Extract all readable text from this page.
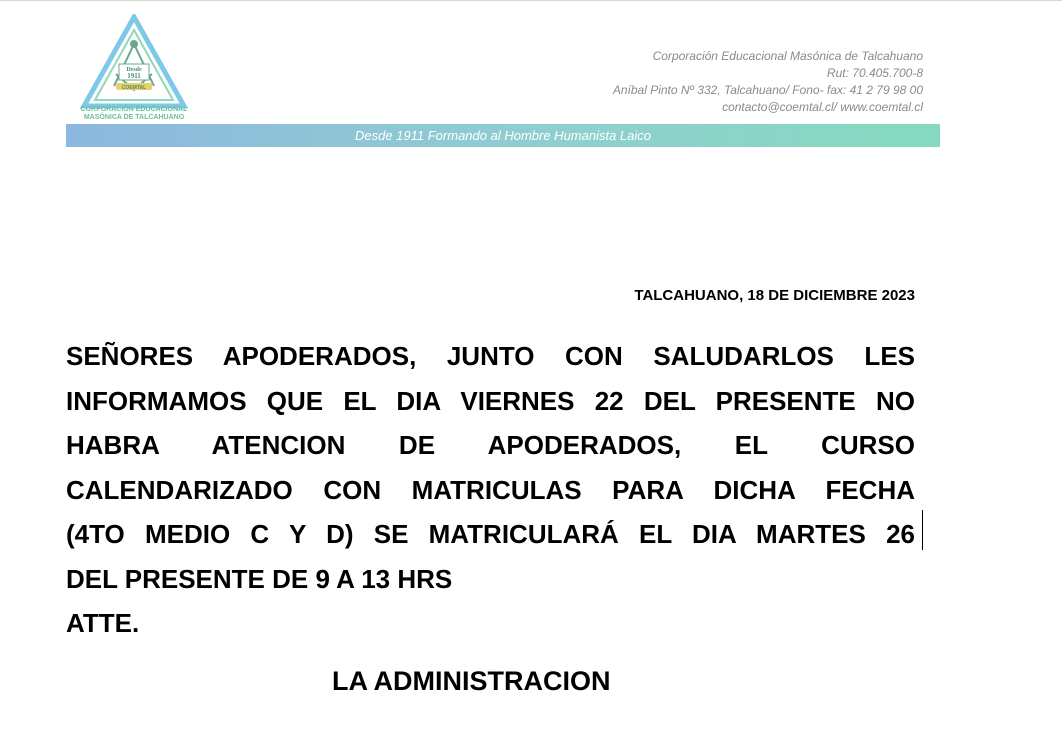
Desde
1911
COEMTAL
CORPORACIÓN EDUCACIONAL
MASÓNICA DE TALCAHUANO
Corporación Educacional Masónica de Talcahuano
Rut: 70.405.700-8
Aníbal Pinto Nº 332, Talcahuano/ Fono- fax: 41 2 79 98 00
contacto@coemtal.cl/ www.coemtal.cl
Desde 1911 Formando al Hombre Humanista Laico
TALCAHUANO, 18 DE DICIEMBRE 2023
SEÑORES APODERADOS, JUNTO CON SALUDARLOS LES
INFORMAMOS QUE EL DIA VIERNES 22 DEL PRESENTE NO
HABRA ATENCION DE APODERADOS, EL CURSO
CALENDARIZADO CON MATRICULAS PARA DICHA FECHA
(4TO MEDIO C Y D) SE MATRICULARÁ EL DIA MARTES 26
DEL PRESENTE DE 9 A 13 HRS
ATTE.
LA ADMINISTRACION
